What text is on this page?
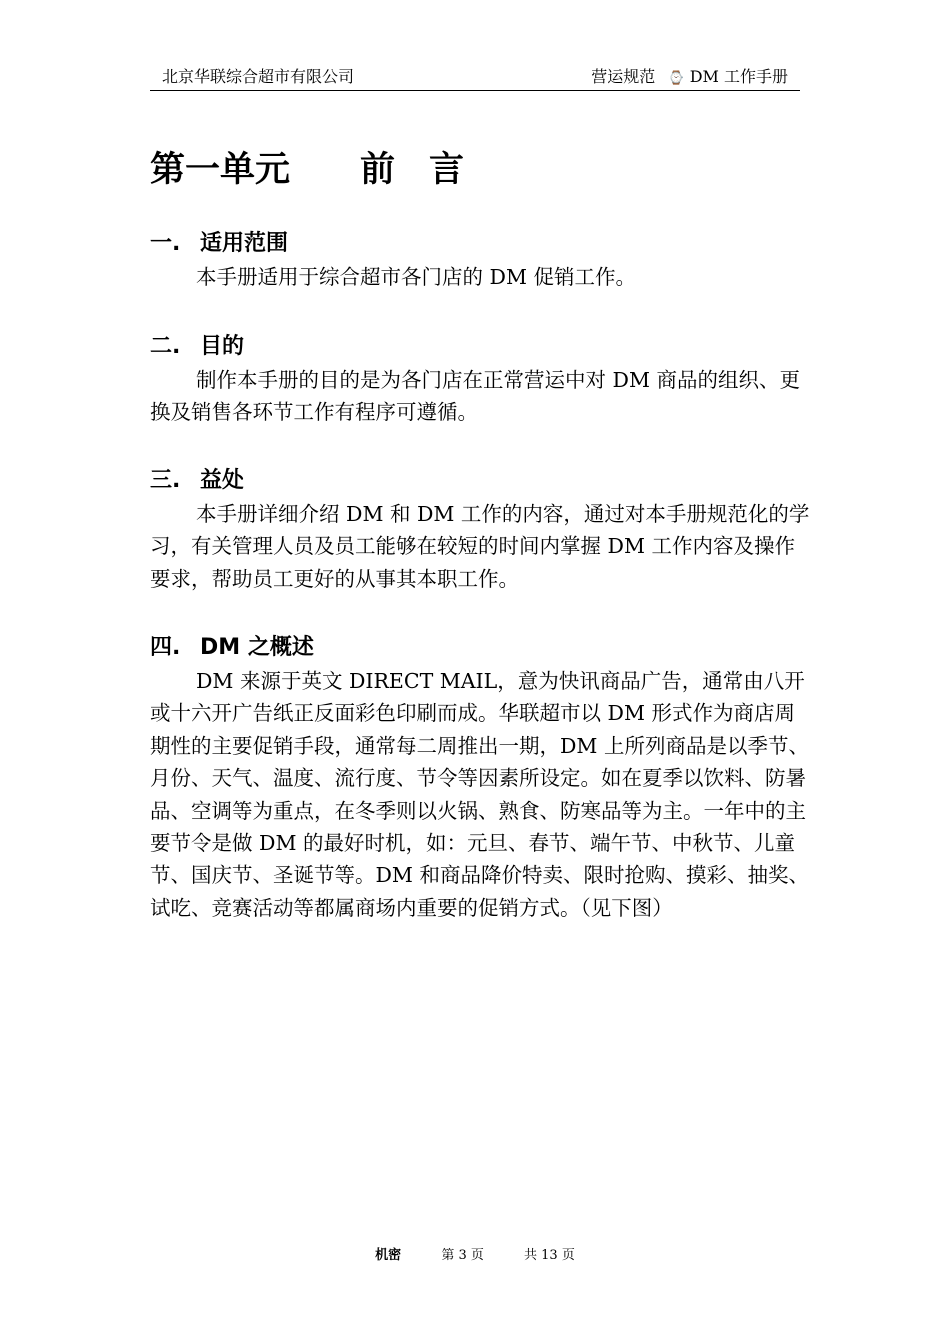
北京华联综合超市有限公司	营运规范 ⌚ DM 工作手册
第一单元 前言
一. 适用范围

本手册适用于综合超市各门店的 DM 促销工作。

二. 目的

制作本手册的目的是为各门店在正常营运中对 DM 商品的组织、更换及销售各环节工作有程序可遵循。

三. 益处

本手册详细介绍 DM 和 DM 工作的内容，通过对本手册规范化的学习，有关管理人员及员工能够在较短的时间内掌握 DM 工作内容及操作要求，帮助员工更好的从事其本职工作。

四. DM 之概述

DM 来源于英文 DIRECT MAIL，意为快讯商品广告，通常由八开或十六开广告纸正反面彩色印刷而成。华联超市以 DM 形式作为商店周期性的主要促销手段，通常每二周推出一期，DM 上所列商品是以季节、月份、天气、温度、流行度、节令等因素所设定。如在夏季以饮料、防暑品、空调等为重点，在冬季则以火锅、熟食、防寒品等为主。一年中的主要节令是做 DM 的最好时机，如：元旦、春节、端午节、中秋节、儿童节、国庆节、圣诞节等。DM 和商品降价特卖、限时抢购、摸彩、抽奖、试吃、竞赛活动等都属商场内重要的促销方式。（见下图）

机密	第 3 页	共 13 页
